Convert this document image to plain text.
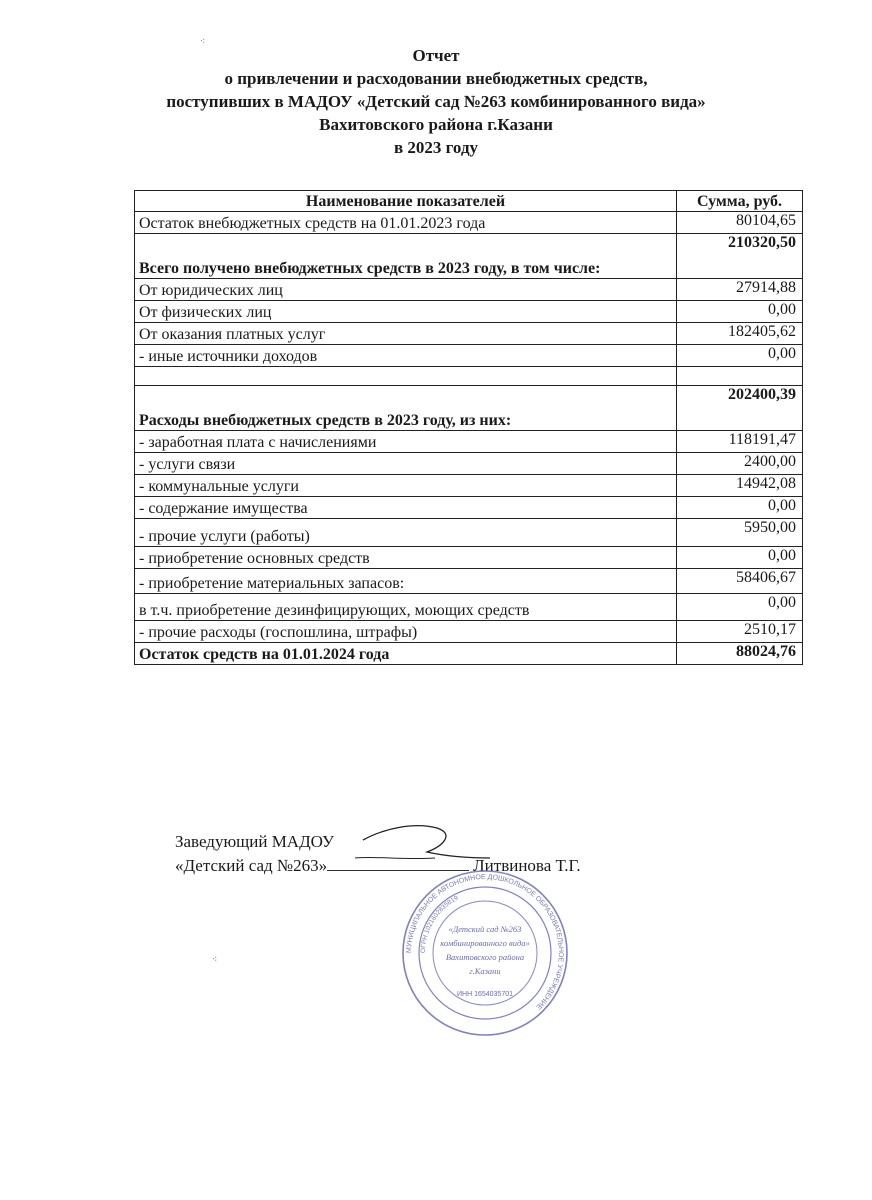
Отчет
о привлечении и расходовании внебюджетных средств,
поступивших в МАДОУ «Детский сад №263 комбинированного вида»
Вахитовского района г.Казани
в 2023 году
Наименование показателей	Сумма, руб.
Остаток внебюджетных средств на 01.01.2023 года	80104,65
Всего получено внебюджетных средств в 2023 году, в том числе:	210320,50
От юридических лиц	27914,88
От физических лиц	0,00
От оказания платных услуг	182405,62
- иные источники доходов	0,00

Расходы внебюджетных средств в 2023 году, из них:	202400,39
- заработная плата с начислениями	118191,47
- услуги связи	2400,00
- коммунальные услуги	14942,08
- содержание имущества	0,00
- прочие услуги (работы)	5950,00
- приобретение основных средств	0,00
- приобретение материальных запасов:	58406,67
в т.ч. приобретение дезинфицирующих, моющих средств	0,00
- прочие расходы (госпошлина, штрафы)	2510,17
Остаток средств на 01.01.2024 года	88024,76
Заведующий МАДОУ
«Детский сад №263»	Литвинова Т.Г.
МУНИЦИПАЛЬНОЕ АВТОНОМНОЕ ДОШКОЛЬНОЕ ОБРАЗОВАТЕЛЬНОЕ УЧРЕЖДЕНИЕ
ОГРН 1021602835819
«Детский сад №263
комбинированного вида»
Вахитовского района
г.Казани
ИНН 1654035701
⁖
⁖
